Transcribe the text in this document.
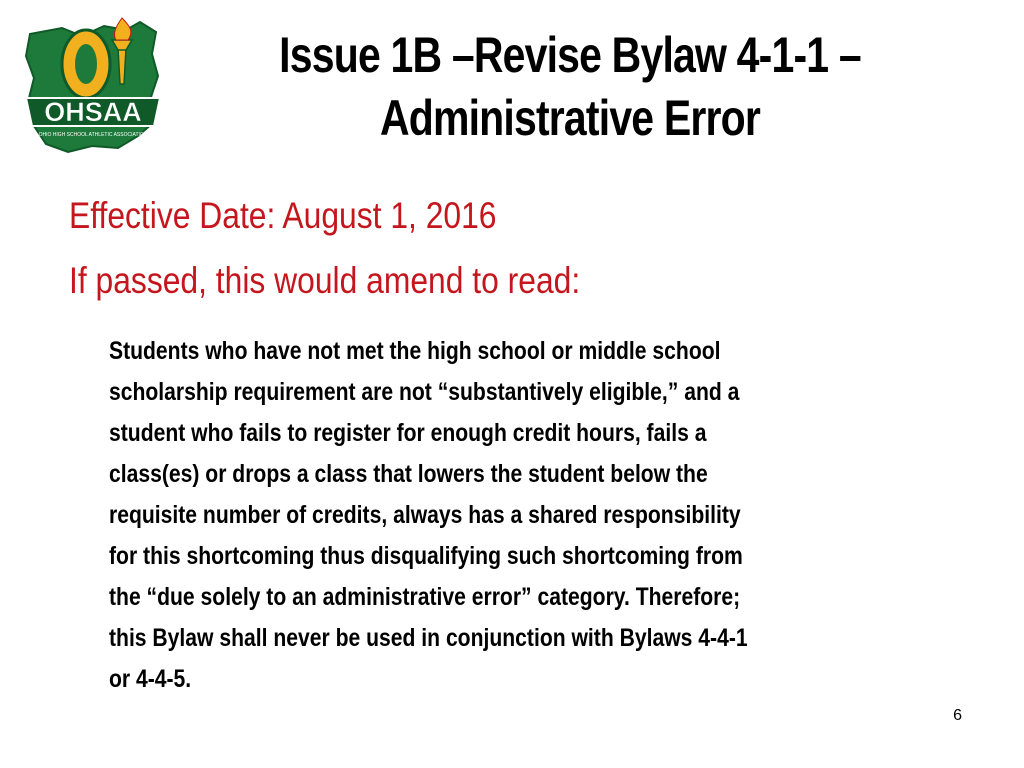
OHSAA
OHIO HIGH SCHOOL ATHLETIC ASSOCIATION
Issue 1B –Revise Bylaw 4-1-1 –
Administrative Error

Effective Date: August 1, 2016

If passed, this would amend to read:

Students who have not met the high school or middle school
scholarship requirement are not “substantively eligible,” and a
student who fails to register for enough credit hours, fails a
class(es) or drops a class that lowers the student below the
requisite number of credits, always has a shared responsibility
for this shortcoming thus disqualifying such shortcoming from
the “due solely to an administrative error” category. Therefore;
this Bylaw shall never be used in conjunction with Bylaws 4-4-1
or 4-4-5.

6
